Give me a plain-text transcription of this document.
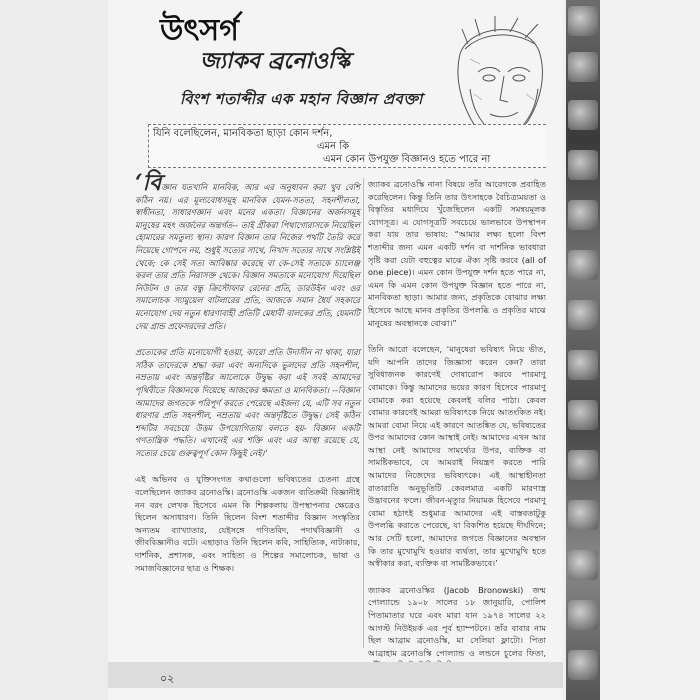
উৎসর্গ
জ্যাকব ব্রনোওস্কি
বিংশ শতাব্দীর এক মহান বিজ্ঞান প্রবক্তা
যিনি বলেছিলেন, মানবিকতা ছাড়া কোন দর্শন,
এমন কি
এমন কোন উপযুক্ত বিজ্ঞানও হতে পারে না

‘বিজ্ঞান যতখানি মানবিক, আর এর অনুধাবন করা খুব বেশি কঠিন নয়। এর মূল্যবোধসমূহ মানবিক যেমন-সততা, সহনশীলতা, স্বাধীনতা, সাধারণজ্ঞান এবং মনের একতা। বিজ্ঞানের অর্জনসমূহ মানুষের মহৎ অর্জনের অন্তর্গত-- তাই গ্রীকরা পিথাগোরাসকে নিয়েছিল হোমারের সমতুল্য স্থান। কারণ বিজ্ঞান তার নিজের পথটি তৈরি করে নিয়েছে গোপনে নয়, শুধুই সত্যের সাথে, নিখাদ সত্যের সাথে সংশ্লিষ্টই থেকে; কে সেই সত্য আবিষ্কার করেছে বা কে-সেই সত্যকে চ্যালেঞ্জ করল তার প্রতি নিরাসক্ত থেকে। বিজ্ঞান সমতাকে মনোযোগ দিয়েছিল নিউটন ও তার বন্ধু ক্রিস্টোফার রেনের প্রতি, ডারউইন এবং ওর সমালোচক স্যামুয়েল বাটলারের প্রতি, আজকে সমান ধৈর্য সহকারে মনোযোগ দেয় নতুন ধারণাবাহী প্রতিটি মেধাবী বালকের প্রতি, যেমনটি দেয় গ্রান্ড প্রফেসরদের প্রতি।

প্রত্যেকের প্রতি মনোযোগী হওয়া, কারো প্রতি উদাসীন না থাকা, যারা সঠিক তাদেরকে শ্রদ্ধা করা এবং অন্যদিকে ভুলদের প্রতি সহনশীল, নম্রতায় এবং অন্তর্দৃষ্টির আলোকে উদ্বুদ্ধ করা এই সবই আমাদের পৃথিবীতে বিজ্ঞানকে দিয়েছে আজকের ক্ষমতা ও মানবিকতা। --বিজ্ঞান আমাদের জগতকে পরিপূর্ণ করতে পেরেছে এইজন্য যে, এটি সব নতুন ধারণার প্রতি সহনশীল, নম্রতায় এবং অন্তর্দৃষ্টিতে উদ্বুদ্ধ। সেই কঠিন শব্দটির সবচেয়ে উত্তম উপযোগিতায় বলতে হয়- বিজ্ঞান একটি গণতান্ত্রিক পদ্ধতি। এখানেই এর শক্তি এবং এর আস্থা রয়েছে যে, সত্যের চেয়ে গুরুত্বপূর্ণ কোন কিছুই নেই।’

এই অভিনব ও যুক্তিসংগত কথাগুলো ভবিষ্যতের চেতনা গ্রন্থে বলেছিলেন জ্যাকব ব্রনোওস্কি। ব্রনোওস্কি একজন ব্যতিক্রমী বিজ্ঞানীই নন বরং লেখক হিসেবে এমন কি শিল্পকলায় উপস্থাপনার ক্ষেত্রেও ছিলেন অসাধারণ। তিনি ছিলেন বিংশ শতাব্দীর বিজ্ঞান সংস্কৃতির অন্যতম ব্যাখ্যাতার, যেইসঙ্গে গণিতবিদ, পদার্থবিজ্ঞানী ও জীববিজ্ঞানীও বটে। এছাড়াও তিনি ছিলেন কবি, সাহিত্যিক, নাট্যকার, দার্শনিক, প্রশাসক, এবং সাহিত্য ও শিল্পের সমালোচক, ভাষা ও সমাজবিজ্ঞানের ছাত্র ও শিক্ষক।

জ্যাকব ব্রনোওস্কি নানা বিষয়ে তাঁর আবেগকে প্রবাহিত করেছিলেন। কিন্তু তিনি তার উৎসাহকে বৈচিত্র্যময়তা ও বিস্তৃতির মধ্যদিয়ে খুঁজেছিলেন একটি সমন্বয়মূলক যোগসূত্র। এ যোগসূত্রটি সবচেয়ে ভালভাবে উপস্থাপন করা যায় তার ভাষায়: “আমার লক্ষ্য হলো বিংশ শতাব্দীর জন্য এমন একটি দর্শন বা দার্শনিক ভাবধারা সৃষ্টি করা যেটা বহুত্বের মাঝে ঐক্য সৃষ্টি করবে (all of one piece)। এমন কোন উপযুক্ত দর্শন হতে পারে না, এমন কি এমন কোন উপযুক্ত বিজ্ঞান হতে পারে না, মানবিকতা ছাড়া। আমার জন্য, প্রকৃতিকে বোঝার লক্ষ্য হিসেবে আছে মানব প্রকৃতির উপলব্ধি ও প্রকৃতির মাঝে মানুষের অবস্থানকে বোঝা।”

তিনি আরো বলেছেন, ‘মানুষেরা ভবিষ্যৎ নিয়ে ভীত, যদি আপনি তাদের জিজ্ঞাসা করেন কেন? তারা সুবিধাজনক কারণেই দোষারোপ করবে পারমাণু বোমাকে। কিন্তু আমাদের ভয়ের কারণ হিসেবে পারমাণু বোমাকে করা হয়েছে কেবলই বলির পাঠা। কেবল বোমার কারণেই আমরা ভবিষ্যৎকে নিয়ে আতংকিত নই। আমরা বোমা নিয়ে এই কারণে আতঙ্কিত যে, ভবিষ্যতের উপর আমাদের কোন আস্থাই নেই। আমাদের এখন আর আস্থা নেই আমাদের সামর্থ্যের উপর, ব্যক্তিক বা সামষ্টিকভাবে, যে আমরাই নিয়ন্ত্রণ করতে পারি আমাদের নিজেদের ভবিষ্যৎকে। এই আস্থাহীনতা রাতারাতি অনুভূতিটি কেবলমাত্র একটি মারণাস্ত্র উদ্ভাবনের ফলে। জীবন-মৃত্যুর নিয়ামক হিসেবে পরমাণু বোমা হঠাৎই শুধুমাত্র আমাদের এই বাস্তবতাটুকু উপলব্ধি করাতে পেরেছে, যা বিকশিত হয়েছে দীর্ঘদিনে; আর সেটি হলো, আমাদের জগতে বিজ্ঞানের অবস্থান কি তার মুখোমুখি হওয়ার ব্যর্থতা, তার মুখোমুখি হতে অস্বীকার করা, ব্যক্তিক বা সামষ্টিকভাবে।’

জ্যাকব ব্রনোওস্কির (Jacob Bronowski) জন্ম পোল্যান্ডে ১৯০৮ সালের ১৮ জানুয়ারি, পোলিশ পিতামাতার ঘরে এবং মারা যান ১৯৭৪ সালের ২২ আগস্ট নিউইয়র্ক এর পূর্ব হ্যাম্পটনে। তাঁর বাবার নাম ছিল আব্রাম ব্রনোওস্কি, মা সেলিয়া ফ্লাটো। পিতা আব্রাহাম ব্রনোওস্কি পোল্যান্ড ও লন্ডনে চুলের ফিতা,

০২
